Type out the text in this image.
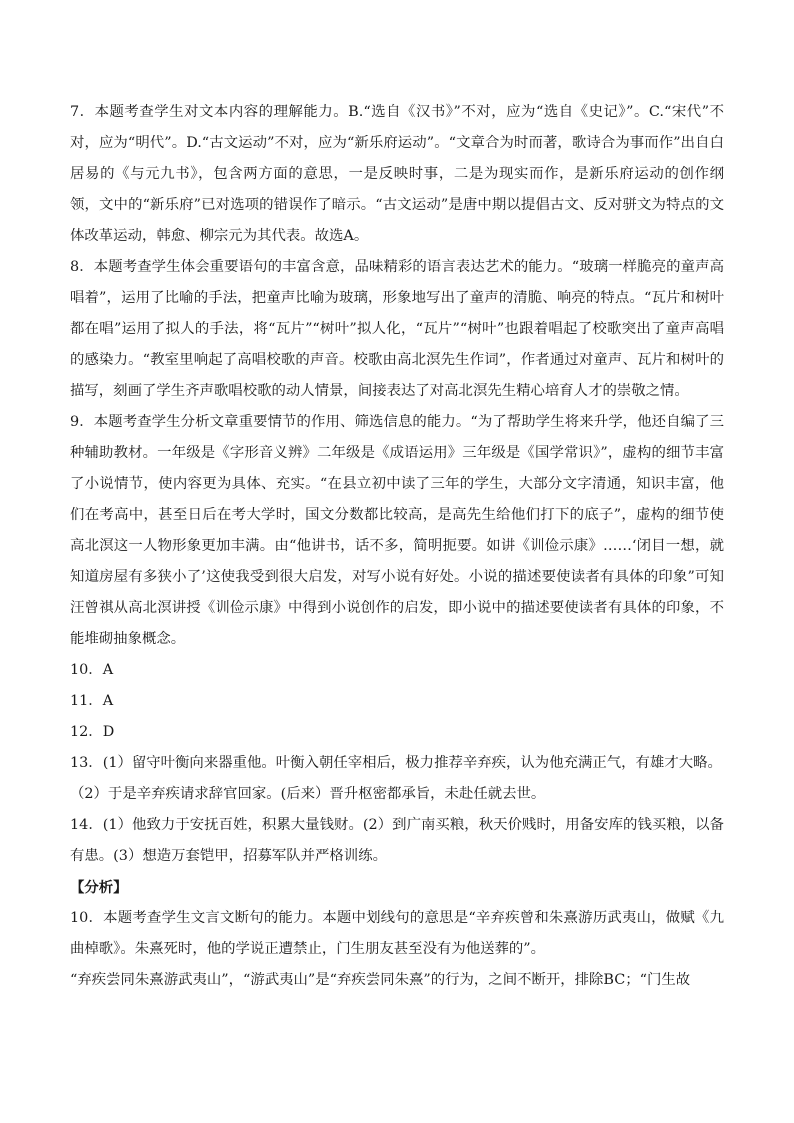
7．本题考查学生对文本内容的理解能力。B.“选自《汉书》”不对，应为“选自《史记》”。C.“宋代”不对，应为“明代”。D.“古文运动”不对，应为“新乐府运动”。“文章合为时而著，歌诗合为事而作”出自白居易的《与元九书》，包含两方面的意思，一是反映时事，二是为现实而作，是新乐府运动的创作纲领，文中的“新乐府”已对选项的错误作了暗示。“古文运动”是唐中期以提倡古文、反对骈文为特点的文体改革运动，韩愈、柳宗元为其代表。故选A。

8．本题考查学生体会重要语句的丰富含意，品味精彩的语言表达艺术的能力。“玻璃一样脆亮的童声高唱着”，运用了比喻的手法，把童声比喻为玻璃，形象地写出了童声的清脆、响亮的特点。“瓦片和树叶都在唱”运用了拟人的手法，将“瓦片”“树叶”拟人化，“瓦片”“树叶”也跟着唱起了校歌突出了童声高唱的感染力。“教室里响起了高唱校歌的声音。校歌由高北溟先生作词”，作者通过对童声、瓦片和树叶的描写，刻画了学生齐声歌唱校歌的动人情景，间接表达了对高北溟先生精心培育人才的崇敬之情。

9．本题考查学生分析文章重要情节的作用、筛选信息的能力。“为了帮助学生将来升学，他还自编了三种辅助教材。一年级是《字形音义辨》二年级是《成语运用》三年级是《国学常识》”，虚构的细节丰富了小说情节，使内容更为具体、充实。“在县立初中读了三年的学生，大部分文字清通，知识丰富，他们在考高中，甚至日后在考大学时，国文分数都比较高，是高先生给他们打下的底子”，虚构的细节使高北溟这一人物形象更加丰满。由“他讲书，话不多，简明扼要。如讲《训俭示康》……‘闭目一想，就知道房屋有多狭小了’这使我受到很大启发，对写小说有好处。小说的描述要使读者有具体的印象”可知汪曾祺从高北溟讲授《训俭示康》中得到小说创作的启发，即小说中的描述要使读者有具体的印象，不能堆砌抽象概念。

10．A

11．A

12．D

13．(1）留守叶衡向来器重他。叶衡入朝任宰相后，极力推荐辛弃疾，认为他充满正气，有雄才大略。

（2）于是辛弃疾请求辞官回家。(后来）晋升枢密都承旨，未赴任就去世。

14．(1）他致力于安抚百姓，积累大量钱财。(2）到广南买粮，秋天价贱时，用备安库的钱买粮，以备有患。(3）想造万套铠甲，招募军队并严格训练。

【分析】

10．本题考查学生文言文断句的能力。本题中划线句的意思是“辛弃疾曾和朱熹游历武夷山，做赋《九曲棹歌》。朱熹死时，他的学说正遭禁止，门生朋友甚至没有为他送葬的”。

“弃疾尝同朱熹游武夷山”，“游武夷山”是“弃疾尝同朱熹”的行为，之间不断开，排除BC；“门生故
